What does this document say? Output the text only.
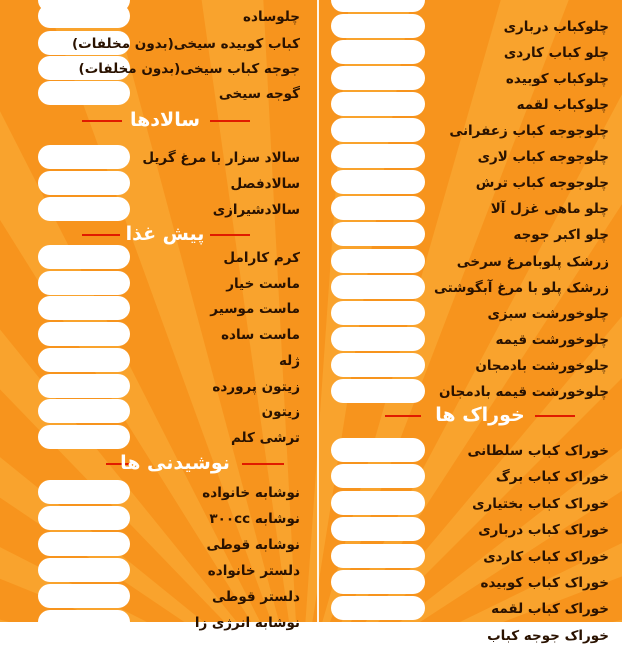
چلوساده
کباب کوبیده سیخی(بدون مخلفات)
جوجه کباب سیخی(بدون مخلفات)
گوجه سیخی
سالادها
سالاد سزار با مرغ گریل
سالادفصل
سالادشیرازی
پیش غذا
کرم کارامل
ماست خیار
ماست موسیر
ماست ساده
ژله
زیتون پرورده
زیتون
ترشی کلم
نوشیدنی ها
نوشابه خانواده
نوشابه ۳۰۰cc
نوشابه قوطی
دلستر خانواده
دلستر قوطی
نوشابه انرژی زا
چلوکباب درباری
چلو کباب کاردی
چلوکباب کوبیده
چلوکباب لقمه
چلوجوجه کباب زعفرانی
چلوجوجه کباب لاری
چلوجوجه کباب ترش
چلو ماهی غزل آلا
چلو اکبر جوجه
زرشک پلوبامرغ سرخی
زرشک پلو با مرغ آبگوشتی
چلوخورشت سبزی
چلوخورشت قیمه
چلوخورشت بادمجان
چلوخورشت قیمه بادمجان
خوراک ها
خوراک کباب سلطانی
خوراک کباب برگ
خوراک کباب بختیاری
خوراک کباب درباری
خوراک کباب کاردی
خوراک کباب کوبیده
خوراک کباب لقمه
خوراک جوجه کباب
